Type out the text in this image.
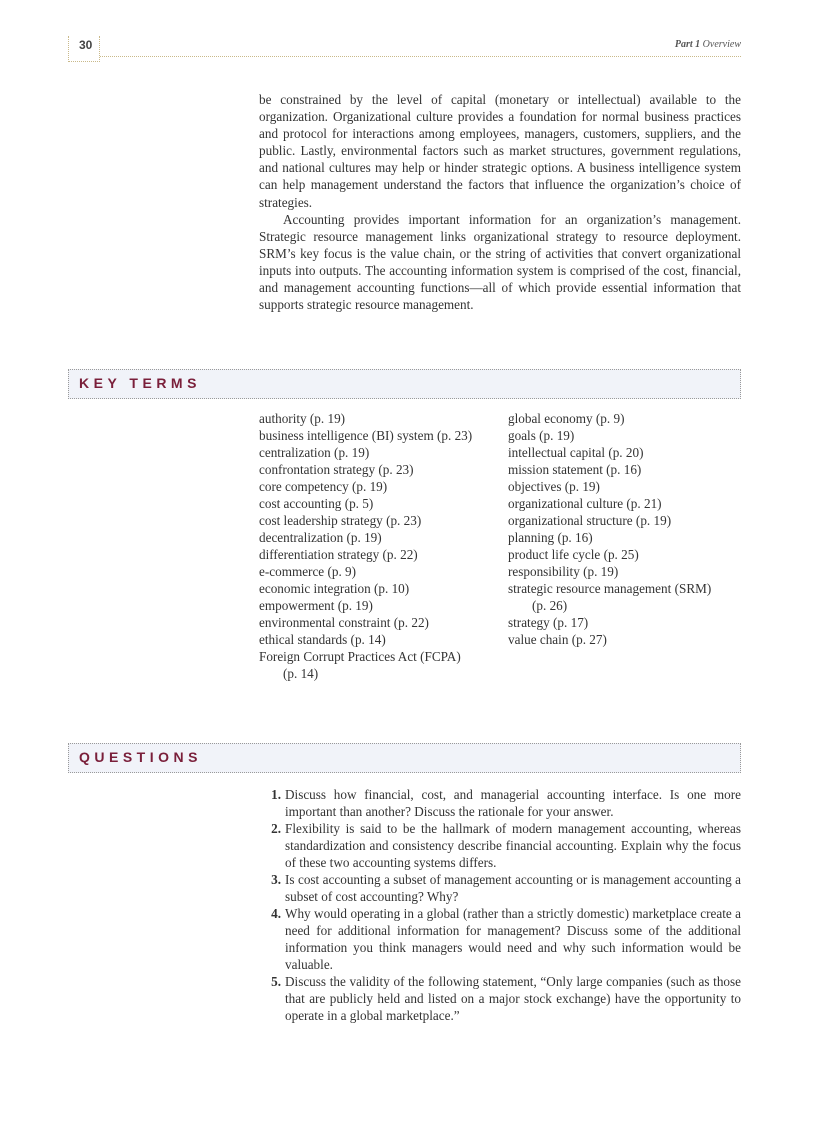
30	Part 1 Overview

be constrained by the level of capital (monetary or intellectual) available to the organization. Organizational culture provides a foundation for normal business practices and protocol for interactions among employees, managers, customers, suppliers, and the public. Lastly, environmental factors such as market structures, government regulations, and national cultures may help or hinder strategic options. A business intelligence system can help management understand the factors that influence the organization’s choice of strategies.

Accounting provides important information for an organization’s management. Strategic resource management links organizational strategy to resource deployment. SRM’s key focus is the value chain, or the string of activities that convert organizational inputs into outputs. The accounting information system is comprised of the cost, financial, and management accounting functions—all of which provide essential information that supports strategic resource management.

KEY TERMS
authority (p. 19)
business intelligence (BI) system (p. 23)
centralization (p. 19)
confrontation strategy (p. 23)
core competency (p. 19)
cost accounting (p. 5)
cost leadership strategy (p. 23)
decentralization (p. 19)
differentiation strategy (p. 22)
e-commerce (p. 9)
economic integration (p. 10)
empowerment (p. 19)
environmental constraint (p. 22)
ethical standards (p. 14)
Foreign Corrupt Practices Act (FCPA)
(p. 14)
global economy (p. 9)
goals (p. 19)
intellectual capital (p. 20)
mission statement (p. 16)
objectives (p. 19)
organizational culture (p. 21)
organizational structure (p. 19)
planning (p. 16)
product life cycle (p. 25)
responsibility (p. 19)
strategic resource management (SRM)
(p. 26)
strategy (p. 17)
value chain (p. 27)
QUESTIONS
1. Discuss how financial, cost, and managerial accounting interface. Is one more important than another? Discuss the rationale for your answer.
2. Flexibility is said to be the hallmark of modern management accounting, whereas standardization and consistency describe financial accounting. Explain why the focus of these two accounting systems differs.
3. Is cost accounting a subset of management accounting or is management accounting a subset of cost accounting? Why?
4. Why would operating in a global (rather than a strictly domestic) marketplace create a need for additional information for management? Discuss some of the additional information you think managers would need and why such information would be valuable.
5. Discuss the validity of the following statement, “Only large companies (such as those that are publicly held and listed on a major stock exchange) have the opportunity to operate in a global marketplace.”
